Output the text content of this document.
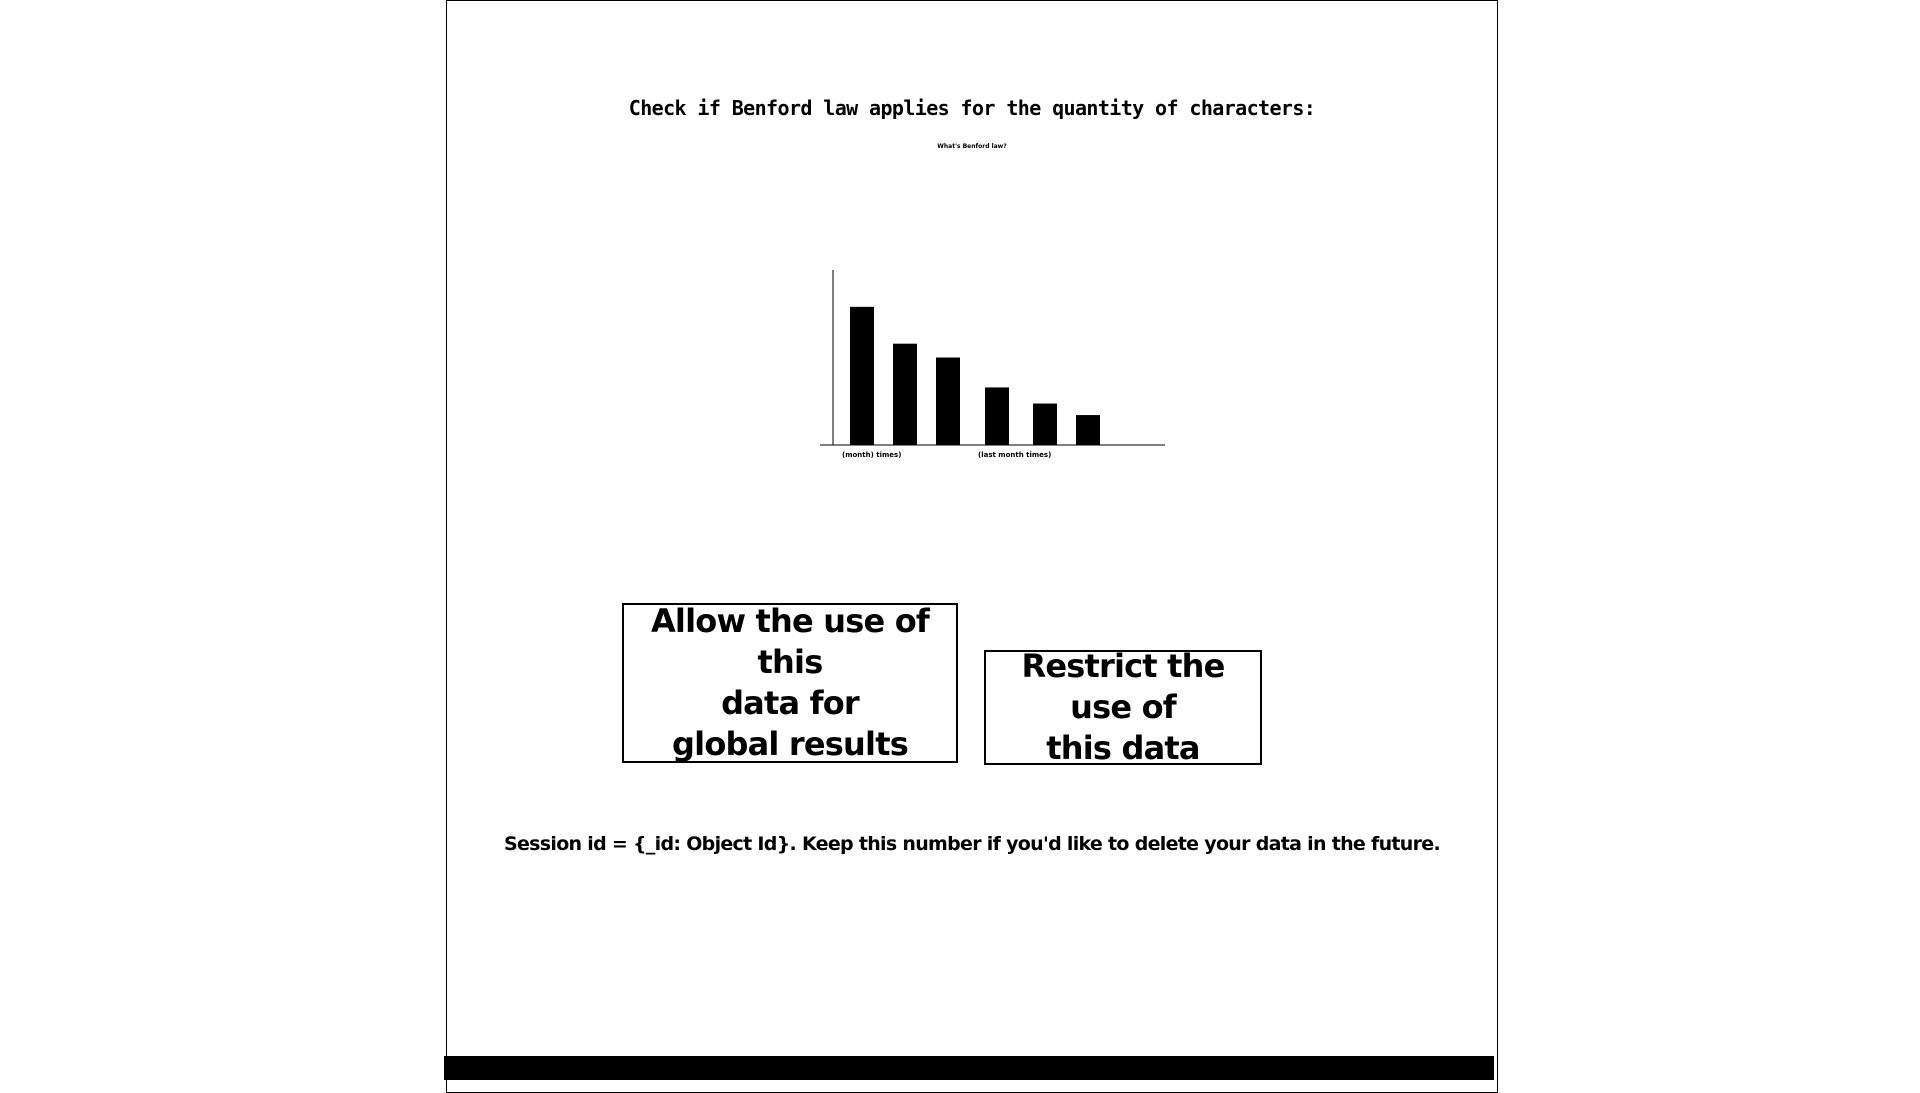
Check if Benford law applies for the quantity of characters:
What's Benford law?
(month) times)	(last month times)
Allow the use of this
data for
global results
Restrict the use of
this data
Session id = {_id: Object Id}. Keep this number if you'd like to delete your data in the future.
